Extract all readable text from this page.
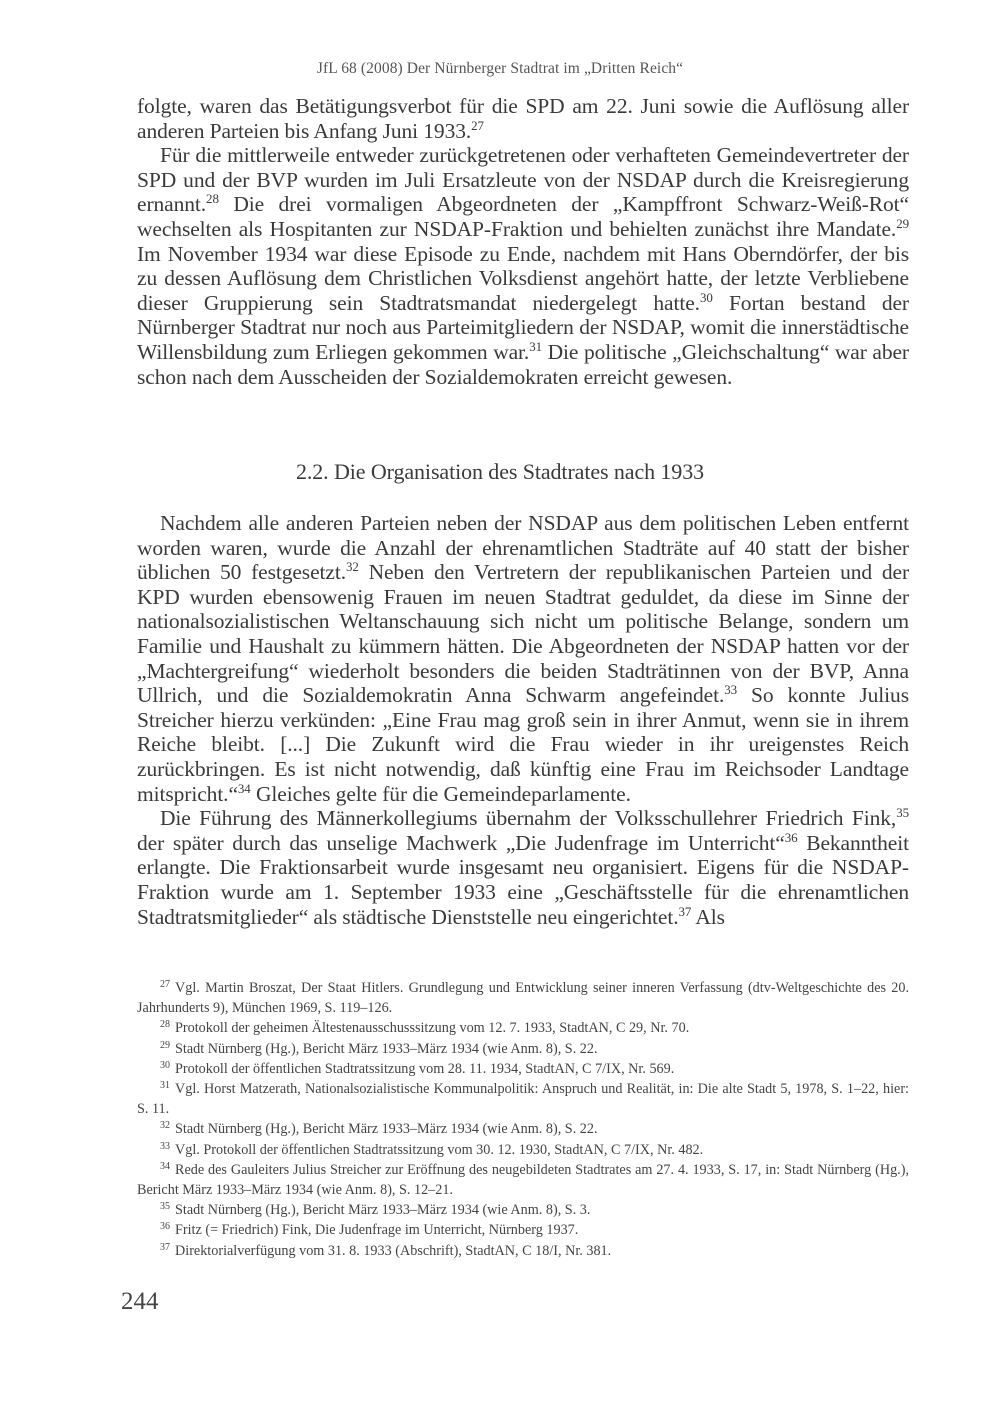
JfL 68 (2008) Der Nürnberger Stadtrat im „Dritten Reich“

folgte, waren das Betätigungsverbot für die SPD am 22. Juni sowie die Auflösung aller anderen Parteien bis Anfang Juni 1933.27

Für die mittlerweile entweder zurückgetretenen oder verhafteten Gemeindevertreter der SPD und der BVP wurden im Juli Ersatzleute von der NSDAP durch die Kreisregierung ernannt.$^{28}$ Die drei vormaligen Abgeordneten der „Kampffront Schwarz-Weiß-Rot“ wechselten als Hospitanten zur NSDAP-Fraktion und behielten zunächst ihre Mandate.$^{29}$ Im November 1934 war diese Episode zu Ende, nachdem mit Hans Oberndörfer, der bis zu dessen Auflösung dem Christlichen Volksdienst angehört hatte, der letzte Verbliebene dieser Gruppierung sein Stadtratsmandat niedergelegt hatte.$^{30}$ Fortan bestand der Nürnberger Stadtrat nur noch aus Parteimitgliedern der NSDAP, womit die innerstädtische Willensbildung zum Erliegen gekommen war.$^{31}$ Die politische „Gleichschaltung“ war aber schon nach dem Ausscheiden der Sozialdemokraten erreicht gewesen.

2.2. Die Organisation des Stadtrates nach 1933

Nachdem alle anderen Parteien neben der NSDAP aus dem politischen Leben entfernt worden waren, wurde die Anzahl der ehrenamtlichen Stadträte auf 40 statt der bisher üblichen 50 festgesetzt.$^{32}$ Neben den Vertretern der republikanischen Parteien und der KPD wurden ebensowenig Frauen im neuen Stadtrat geduldet, da diese im Sinne der nationalsozialistischen Weltanschauung sich nicht um politische Belange, sondern um Familie und Haushalt zu kümmern hätten. Die Abgeordneten der NSDAP hatten vor der „Machtergreifung“ wiederholt besonders die beiden Stadträtinnen von der BVP, Anna Ullrich, und die Sozialdemokratin Anna Schwarm angefeindet.$^{33}$ So konnte Julius Streicher hierzu verkünden: „Eine Frau mag groß sein in ihrer Anmut, wenn sie in ihrem Reiche bleibt. [...] Die Zukunft wird die Frau wieder in ihr ureigenstes Reich zurückbringen. Es ist nicht notwendig, daß künftig eine Frau im Reichsoder Landtage mitspricht.“$^{34}$ Gleiches gelte für die Gemeindeparlamente.

Die Führung des Männerkollegiums übernahm der Volksschullehrer Friedrich Fink,$^{35}$ der später durch das unselige Machwerk „Die Judenfrage im Unterricht“$^{36}$ Bekanntheit erlangte. Die Fraktionsarbeit wurde insgesamt neu organisiert. Eigens für die NSDAP-Fraktion wurde am 1. September 1933 eine „Geschäftsstelle für die ehrenamtlichen Stadtratsmitglieder“ als städtische Dienststelle neu eingerichtet.$^{37}$ Als

$^{27}$ Vgl. Martin Broszat, Der Staat Hitlers. Grundlegung und Entwicklung seiner inneren Verfassung (dtv-Weltgeschichte des 20. Jahrhunderts 9), München 1969, S. 119–126.

$^{28}$ Protokoll der geheimen Ältestenausschusssitzung vom 12. 7. 1933, StadtAN, C 29, Nr. 70.

$^{29}$ Stadt Nürnberg (Hg.), Bericht März 1933–März 1934 (wie Anm. 8), S. 22.

$^{30}$ Protokoll der öffentlichen Stadtratssitzung vom 28. 11. 1934, StadtAN, C 7/IX, Nr. 569.

$^{31}$ Vgl. Horst Matzerath, Nationalsozialistische Kommunalpolitik: Anspruch und Realität, in: Die alte Stadt 5, 1978, S. 1–22, hier: S. 11.

$^{32}$ Stadt Nürnberg (Hg.), Bericht März 1933–März 1934 (wie Anm. 8), S. 22.

$^{33}$ Vgl. Protokoll der öffentlichen Stadtratssitzung vom 30. 12. 1930, StadtAN, C 7/IX, Nr. 482.

$^{34}$ Rede des Gauleiters Julius Streicher zur Eröffnung des neugebildeten Stadtrates am 27. 4. 1933, S. 17, in: Stadt Nürnberg (Hg.), Bericht März 1933–März 1934 (wie Anm. 8), S. 12–21.

$^{35}$ Stadt Nürnberg (Hg.), Bericht März 1933–März 1934 (wie Anm. 8), S. 3.

$^{36}$ Fritz (= Friedrich) Fink, Die Judenfrage im Unterricht, Nürnberg 1937.

$^{37}$ Direktorialverfügung vom 31. 8. 1933 (Abschrift), StadtAN, C 18/I, Nr. 381.

244
